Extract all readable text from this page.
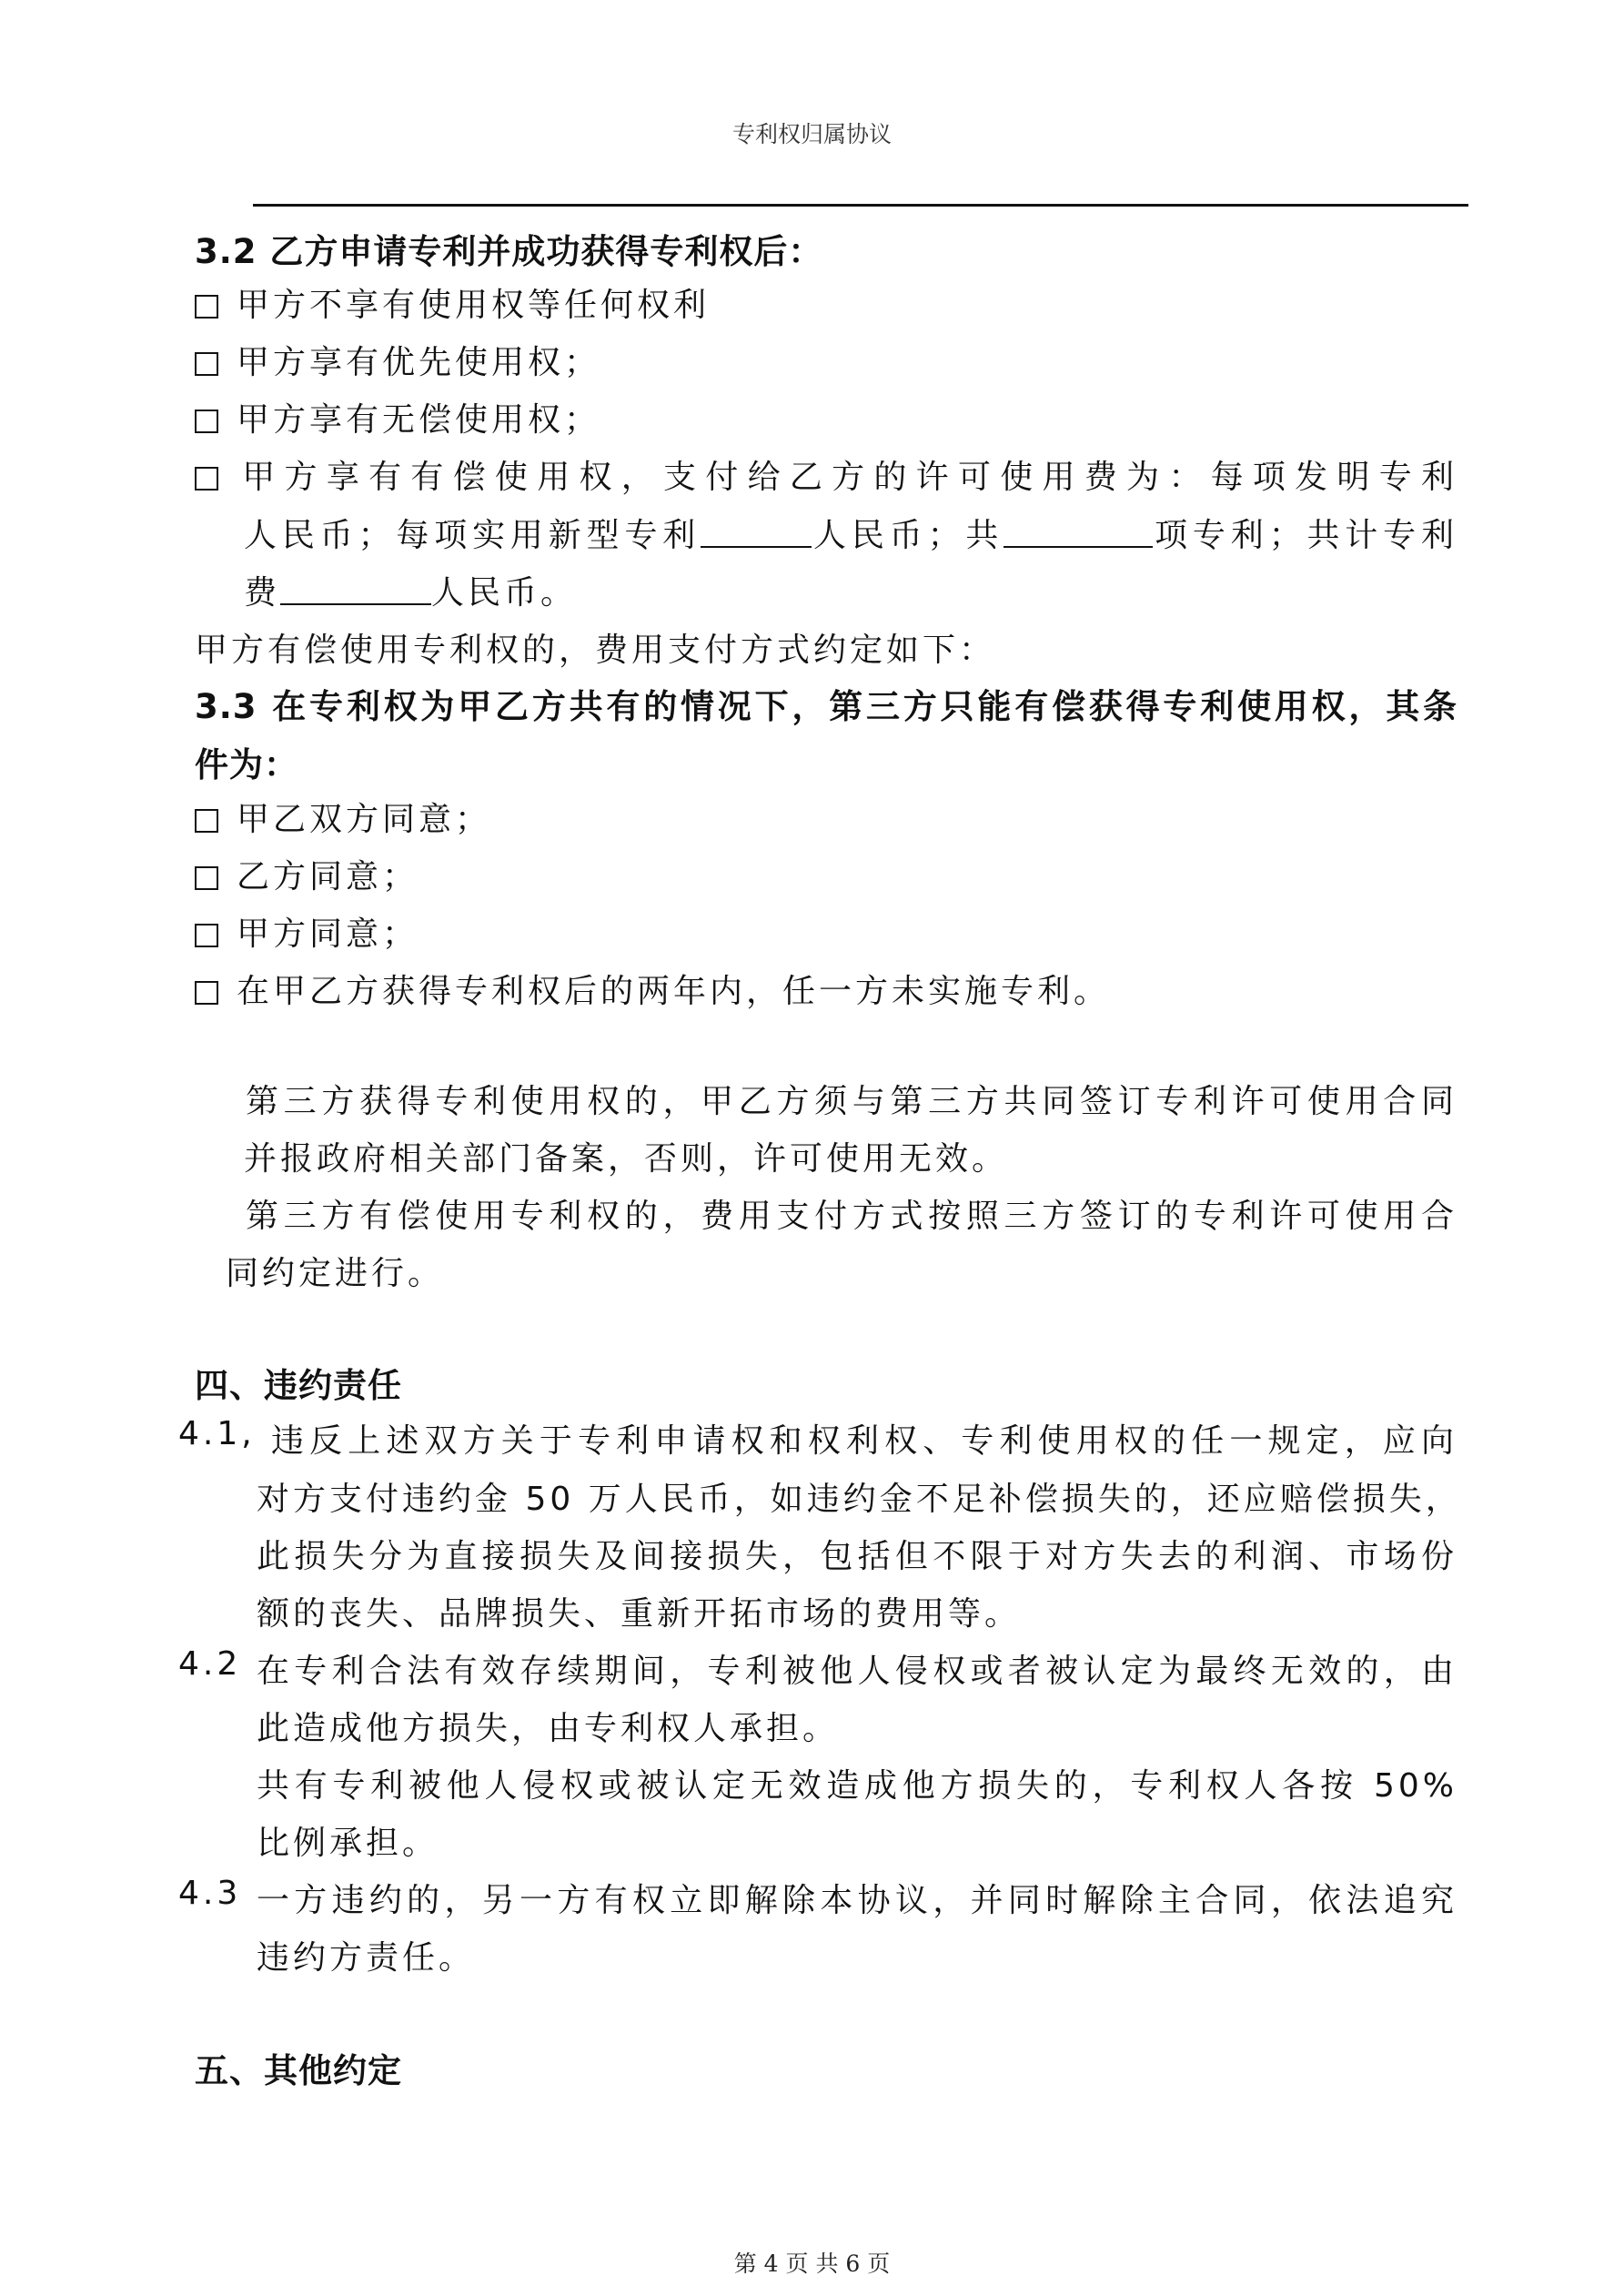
专利权归属协议
3.2 乙方申请专利并成功获得专利权后：
甲方不享有使用权等任何权利
甲方享有优先使用权；
甲方享有无偿使用权；
甲方享有有偿使用权，支付给乙方的许可使用费为：每项发明专利
人民币；每项实用新型专利	人民币；共	项专利；共计专利
费	人民币。
甲方有偿使用专利权的，费用支付方式约定如下：
3.3 在专利权为甲乙方共有的情况下，第三方只能有偿获得专利使用权，其条
件为：
甲乙双方同意；
乙方同意；
甲方同意；
在甲乙方获得专利权后的两年内，任一方未实施专利。
第三方获得专利使用权的，甲乙方须与第三方共同签订专利许可使用合同
并报政府相关部门备案，否则，许可使用无效。
第三方有偿使用专利权的，费用支付方式按照三方签订的专利许可使用合
同约定进行。
四、违约责任
4.1, 违反上述双方关于专利申请权和权利权、专利使用权的任一规定，应向
对方支付违约金 50 万人民币，如违约金不足补偿损失的，还应赔偿损失，
此损失分为直接损失及间接损失，包括但不限于对方失去的利润、市场份
额的丧失、品牌损失、重新开拓市场的费用等。
4.2 在专利合法有效存续期间，专利被他人侵权或者被认定为最终无效的，由
此造成他方损失，由专利权人承担。
共有专利被他人侵权或被认定无效造成他方损失的，专利权人各按 50%
比例承担。
4.3 一方违约的，另一方有权立即解除本协议，并同时解除主合同，依法追究
违约方责任。
五、其他约定
第 4 页 共 6 页
